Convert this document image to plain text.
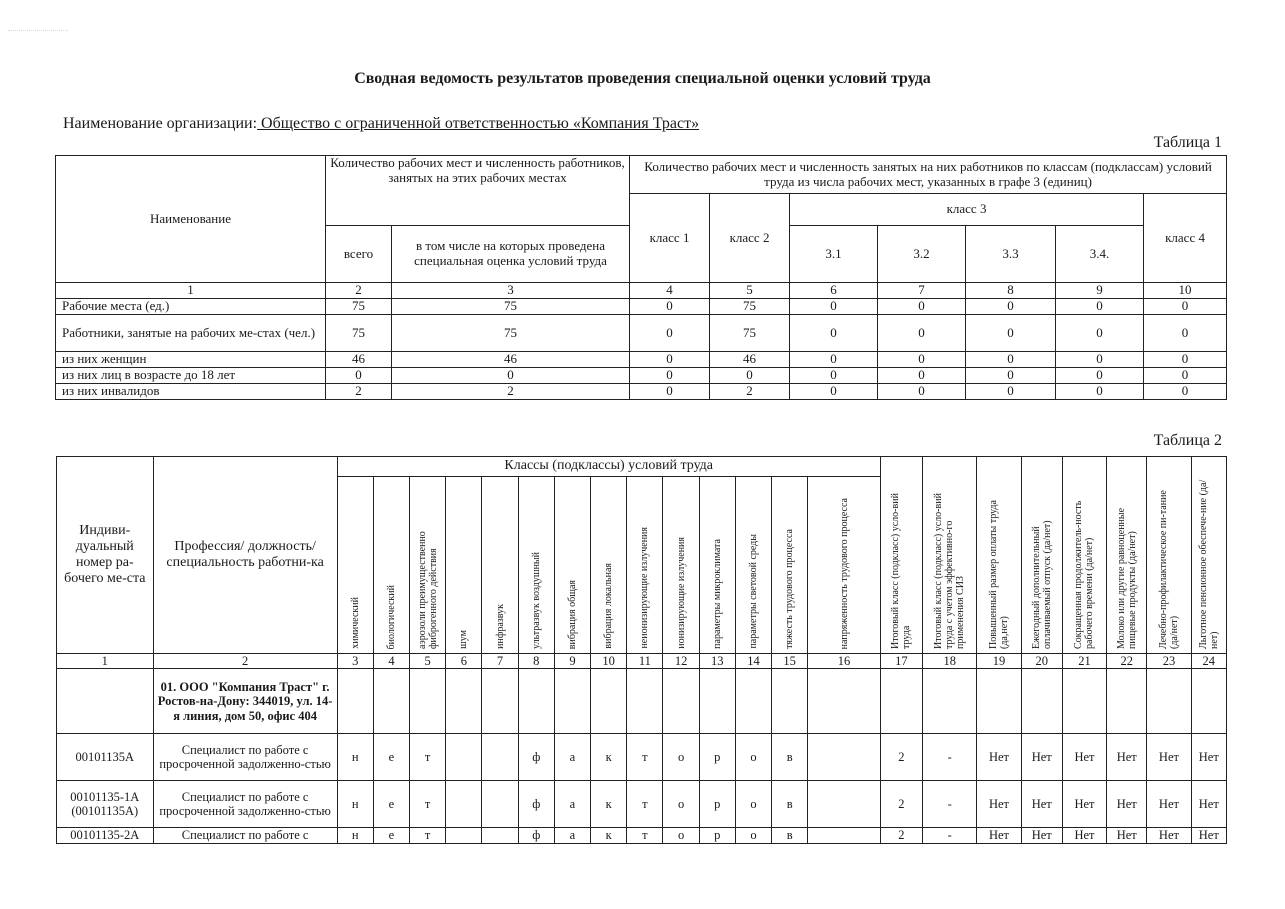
Сводная ведомость результатов проведения специальной оценки условий труда
Наименование организации: Общество с ограниченной ответственностью «Компания Траст»
Таблица 1
Наименование	Количество рабочих мест и численность работников, занятых на этих рабочих местах		Количество рабочих мест и численность занятых на них работников по классам (подклассам) условий труда из числа рабочих мест, указанных в графе 3 (единиц)						
			класс 1	класс 2	класс 3				класс 4
	всего	в том числе на которых проведена специальная оценка условий труда			3.1	3.2	3.3	3.4.	
1	2	3	4	5	6	7	8	9	10
Рабочие места (ед.)	75	75	0	75	0	0	0	0	0
Работники, занятые на рабочих ме-стах (чел.)	75	75	0	75	0	0	0	0	0
из них женщин	46	46	0	46	0	0	0	0	0
из них лиц в возрасте до 18 лет	0	0	0	0	0	0	0	0	0
из них инвалидов	2	2	0	2	0	0	0	0	0
Таблица 2
Индиви-дуальный номер ра-бочего ме-ста	Профессия/ должность/ специальность работни-ка	Классы (подклассы) условий труда														Итоговый класс (подкласс) усло-вий труда	Итоговый класс (подкласс) усло-вий труда с учетом эффективно-го применения СИЗ	Повышенный размер оплаты труда (да,нет)	Ежегодный дополнительный оплачиваемый отпуск (да/нет)	Сокращенная продолжитель-ность рабочего времени (да/нет)	Молоко или другие равноценные пищевые продукты (да/нет)	Лечебно-профилактическое пи-тание (да/нет)	Льготное пенсионное обеспече-ние (да/нет)

		химический	биологический	аэрозоли преимущественно фиброгенного действия	шум	инфразвук	ультразвук воздушный	вибрация общая	вибрация локальная	неионизирующие излучения	ионизирующие излучения	параметры микроклимата	параметры световой среды	тяжесть трудового процесса	напряженность трудового процесса								

1	2	3	4	5	6	7	8	9	10	11	12	13	14	15	16	17	18	19	20	21	22	23	24
	01. ООО "Компания Траст" г. Ростов-на-Дону: 344019, ул. 14-я линия, дом 50, офис 404																						
00101135А	Специалист по работе с просроченной задолженно-стью	н	е	т			ф	а	к	т	о	р	о	в		2	-	Нет	Нет	Нет	Нет	Нет	Нет
00101135-1А (00101135А)	Специалист по работе с просроченной задолженно-стью	н	е	т			ф	а	к	т	о	р	о	в		2	-	Нет	Нет	Нет	Нет	Нет	Нет
00101135-2А	Специалист по работе с	н	е	т			ф	а	к	т	о	р	о	в		2	-	Нет	Нет	Нет	Нет	Нет	Нет
